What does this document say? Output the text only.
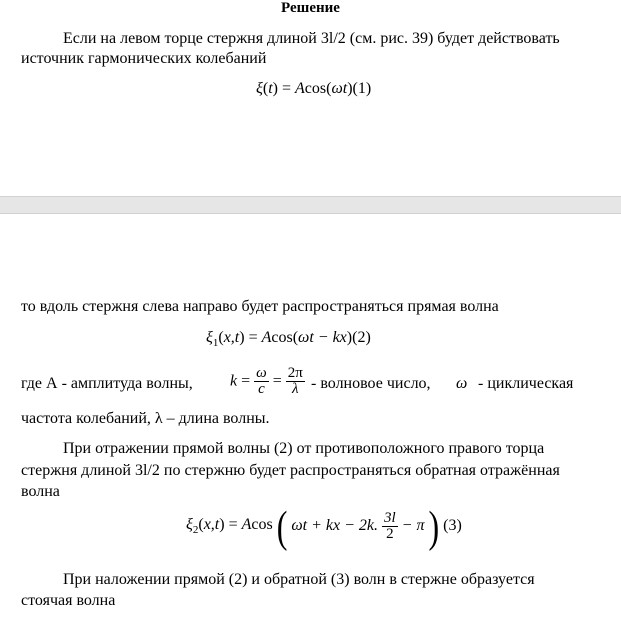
Решение
Если на левом торце стержня длиной 3l/2 (см. рис. 39) будет действовать
источник гармонических колебаний
ξ(t) = Acos(ωt)(1)
то вдоль стержня слева направо будет распространяться прямая волна
$\xi_1(x,t) = Acos(\omega t - kx)(2)$
где А - амплитуда волны, $k = \frac{\omega}{c} = \frac{2\pi}{\lambda}$ - волновое число, ω - циклическая
частота колебаний, λ – длина волны.
При отражении прямой волны (2) от противоположного правого торца
стержня длиной 3l/2 по стержню будет распространяться обратная отражённая
волна
$\xi_2(x,t) = Acos$ ( ωt + kx − 2k. $\frac{3l}{2} - \pi$ ) (3)
При наложении прямой (2) и обратной (3) волн в стержне образуется
стоячая волна
